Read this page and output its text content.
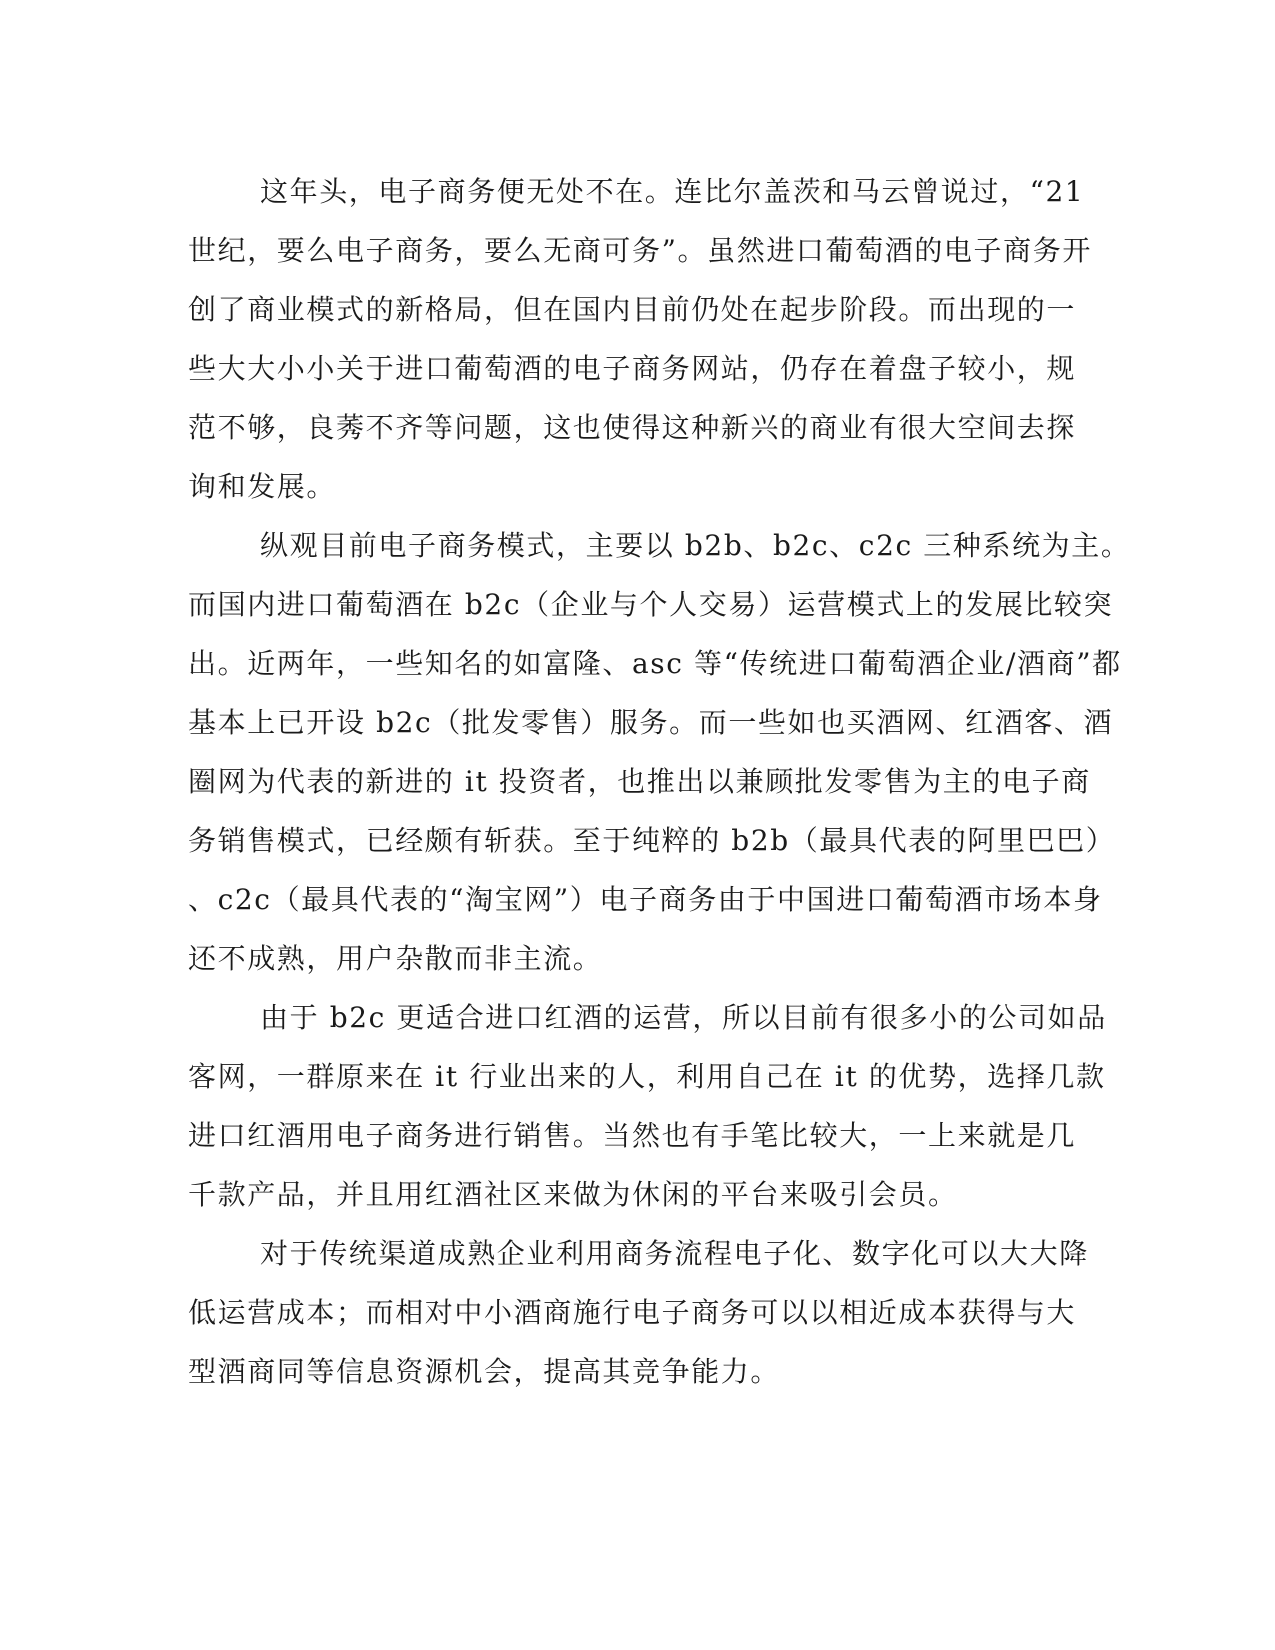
这年头，电子商务便无处不在。连比尔盖茨和马云曾说过，“21
世纪，要么电子商务，要么无商可务”。虽然进口葡萄酒的电子商务开
创了商业模式的新格局，但在国内目前仍处在起步阶段。而出现的一
些大大小小关于进口葡萄酒的电子商务网站，仍存在着盘子较小，规
范不够，良莠不齐等问题，这也使得这种新兴的商业有很大空间去探
询和发展。
纵观目前电子商务模式，主要以 b2b、b2c、c2c 三种系统为主。
而国内进口葡萄酒在 b2c（企业与个人交易）运营模式上的发展比较突
出。近两年，一些知名的如富隆、asc 等“传统进口葡萄酒企业/酒商”都
基本上已开设 b2c（批发零售）服务。而一些如也买酒网、红酒客、酒
圈网为代表的新进的 it 投资者，也推出以兼顾批发零售为主的电子商
务销售模式，已经颇有斩获。至于纯粹的 b2b（最具代表的阿里巴巴）
、c2c（最具代表的“淘宝网”）电子商务由于中国进口葡萄酒市场本身
还不成熟，用户杂散而非主流。
由于 b2c 更适合进口红酒的运营，所以目前有很多小的公司如品
客网，一群原来在 it 行业出来的人，利用自己在 it 的优势，选择几款
进口红酒用电子商务进行销售。当然也有手笔比较大，一上来就是几
千款产品，并且用红酒社区来做为休闲的平台来吸引会员。
对于传统渠道成熟企业利用商务流程电子化、数字化可以大大降
低运营成本；而相对中小酒商施行电子商务可以以相近成本获得与大
型酒商同等信息资源机会，提高其竞争能力。
